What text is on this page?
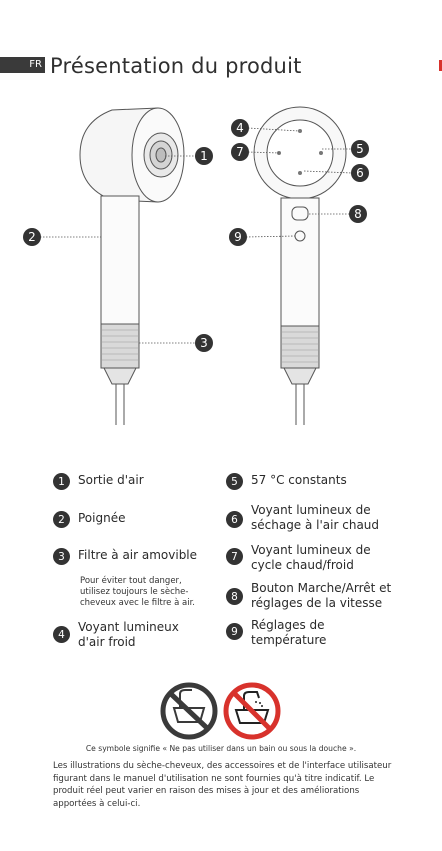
FR Présentation du produit
1
2
3
4
5
6
7
8
9
1	Sortie d'air
2	Poignée
3	Filtre à air amovible
4
Voyant lumineux
d'air froid
5	57 °C constants
6
Voyant lumineux de
séchage à l'air chaud
7	Voyant lumineux de
cycle chaud/froid
8
Bouton Marche/Arrêt et
réglages de la vitesse
9	Réglages de
température
Pour éviter tout danger, utilisez toujours le sèche-cheveux avec le filtre à air.
Ce symbole signifie « Ne pas utiliser dans un bain ou sous la douche ».
Les illustrations du sèche-cheveux, des accessoires et de l'interface utilisateur figurant dans le manuel d'utilisation ne sont fournies qu'à titre indicatif. Le produit réel peut varier en raison des mises à jour et des améliorations apportées à celui-ci.
